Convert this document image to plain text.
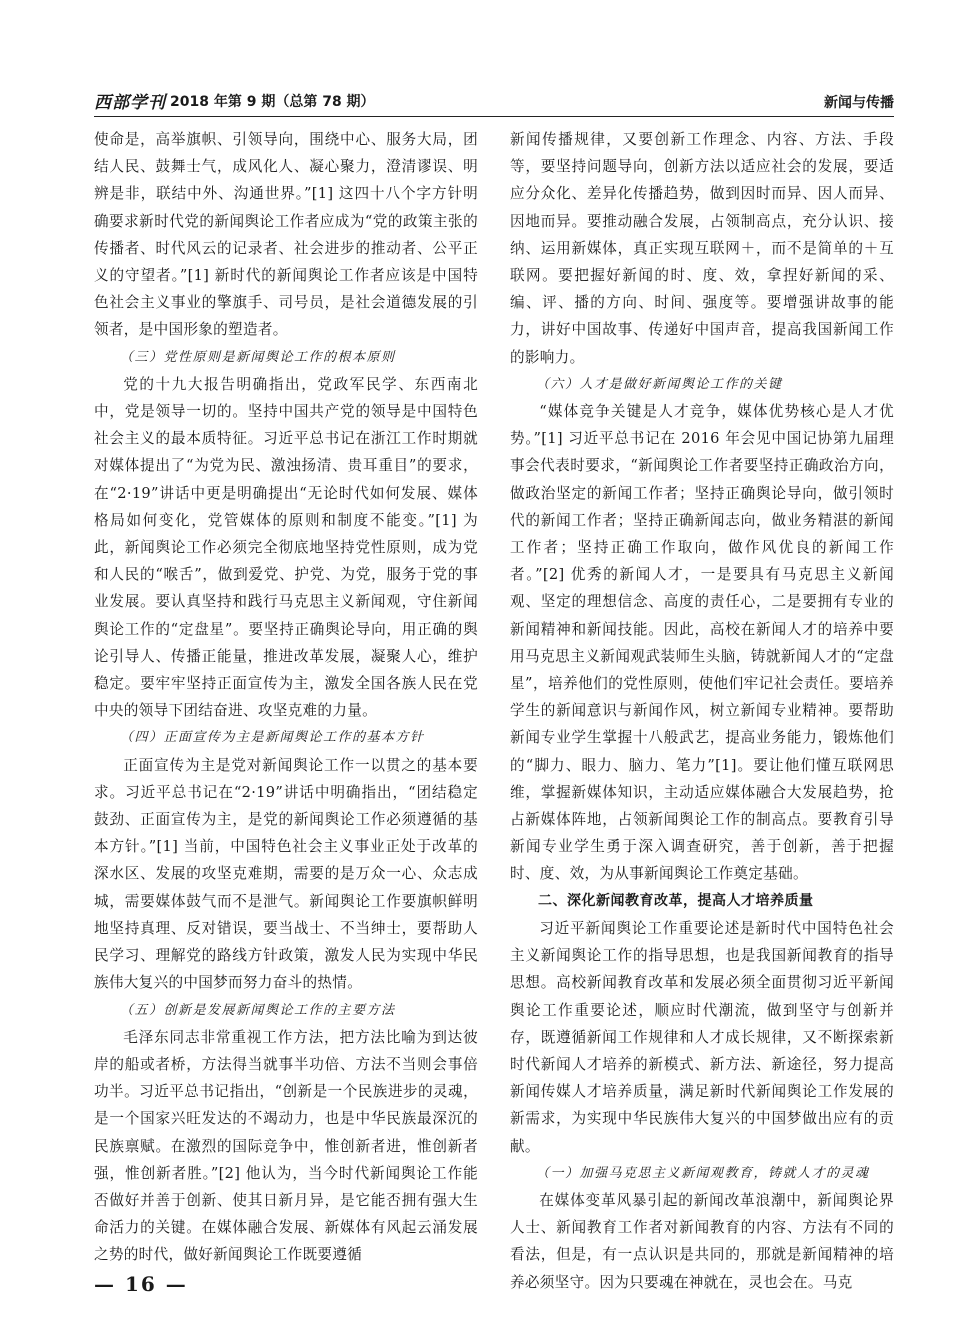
西部学刊 2018 年第 9 期（总第 78 期）	新闻与传播

使命是，高举旗帜、引领导向，围绕中心、服务大局，团结人民、鼓舞士气，成风化人、凝心聚力，澄清谬误、明辨是非，联结中外、沟通世界。”[1] 这四十八个字方针明确要求新时代党的新闻舆论工作者应成为“党的政策主张的传播者、时代风云的记录者、社会进步的推动者、公平正义的守望者。”[1] 新时代的新闻舆论工作者应该是中国特色社会主义事业的擎旗手、司号员，是社会道德发展的引领者，是中国形象的塑造者。

（三）党性原则是新闻舆论工作的根本原则

党的十九大报告明确指出，党政军民学、东西南北中，党是领导一切的。坚持中国共产党的领导是中国特色社会主义的最本质特征。习近平总书记在浙江工作时期就对媒体提出了“为党为民、激浊扬清、贵耳重目”的要求，在“2·19”讲话中更是明确提出“无论时代如何发展、媒体格局如何变化，党管媒体的原则和制度不能变。”[1] 为此，新闻舆论工作必须完全彻底地坚持党性原则，成为党和人民的“喉舌”，做到爱党、护党、为党，服务于党的事业发展。要认真坚持和践行马克思主义新闻观，守住新闻舆论工作的“定盘星”。要坚持正确舆论导向，用正确的舆论引导人、传播正能量，推进改革发展，凝聚人心，维护稳定。要牢牢坚持正面宣传为主，激发全国各族人民在党中央的领导下团结奋进、攻坚克难的力量。

（四）正面宣传为主是新闻舆论工作的基本方针

正面宣传为主是党对新闻舆论工作一以贯之的基本要求。习近平总书记在“2·19”讲话中明确指出，“团结稳定鼓劲、正面宣传为主，是党的新闻舆论工作必须遵循的基本方针。”[1] 当前，中国特色社会主义事业正处于改革的深水区、发展的攻坚克难期，需要的是万众一心、众志成城，需要媒体鼓气而不是泄气。新闻舆论工作要旗帜鲜明地坚持真理、反对错误，要当战士、不当绅士，要帮助人民学习、理解党的路线方针政策，激发人民为实现中华民族伟大复兴的中国梦而努力奋斗的热情。

（五）创新是发展新闻舆论工作的主要方法

毛泽东同志非常重视工作方法，把方法比喻为到达彼岸的船或者桥，方法得当就事半功倍、方法不当则会事倍功半。习近平总书记指出，“创新是一个民族进步的灵魂，是一个国家兴旺发达的不竭动力，也是中华民族最深沉的民族禀赋。在激烈的国际竞争中，惟创新者进，惟创新者强，惟创新者胜。”[2] 他认为，当今时代新闻舆论工作能否做好并善于创新、使其日新月异，是它能否拥有强大生命活力的关键。在媒体融合发展、新媒体有风起云涌发展之势的时代，做好新闻舆论工作既要遵循

新闻传播规律，又要创新工作理念、内容、方法、手段等，要坚持问题导向，创新方法以适应社会的发展，要适应分众化、差异化传播趋势，做到因时而异、因人而异、因地而异。要推动融合发展，占领制高点，充分认识、接纳、运用新媒体，真正实现互联网＋，而不是简单的＋互联网。要把握好新闻的时、度、效，拿捏好新闻的采、编、评、播的方向、时间、强度等。要增强讲故事的能力，讲好中国故事、传递好中国声音，提高我国新闻工作的影响力。

（六）人才是做好新闻舆论工作的关键

“媒体竞争关键是人才竞争，媒体优势核心是人才优势。”[1] 习近平总书记在 2016 年会见中国记协第九届理事会代表时要求，“新闻舆论工作者要坚持正确政治方向，做政治坚定的新闻工作者；坚持正确舆论导向，做引领时代的新闻工作者；坚持正确新闻志向，做业务精湛的新闻工作者；坚持正确工作取向，做作风优良的新闻工作者。”[2] 优秀的新闻人才，一是要具有马克思主义新闻观、坚定的理想信念、高度的责任心，二是要拥有专业的新闻精神和新闻技能。因此，高校在新闻人才的培养中要用马克思主义新闻观武装师生头脑，铸就新闻人才的“定盘星”，培养他们的党性原则，使他们牢记社会责任。要培养学生的新闻意识与新闻作风，树立新闻专业精神。要帮助新闻专业学生掌握十八般武艺，提高业务能力，锻炼他们的“脚力、眼力、脑力、笔力”[1]。要让他们懂互联网思维，掌握新媒体知识，主动适应媒体融合大发展趋势，抢占新媒体阵地，占领新闻舆论工作的制高点。要教育引导新闻专业学生勇于深入调查研究，善于创新，善于把握时、度、效，为从事新闻舆论工作奠定基础。

二、深化新闻教育改革，提高人才培养质量

习近平新闻舆论工作重要论述是新时代中国特色社会主义新闻舆论工作的指导思想，也是我国新闻教育的指导思想。高校新闻教育改革和发展必须全面贯彻习近平新闻舆论工作重要论述，顺应时代潮流，做到坚守与创新并存，既遵循新闻工作规律和人才成长规律，又不断探索新时代新闻人才培养的新模式、新方法、新途径，努力提高新闻传媒人才培养质量，满足新时代新闻舆论工作发展的新需求，为实现中华民族伟大复兴的中国梦做出应有的贡献。

（一）加强马克思主义新闻观教育，铸就人才的灵魂

在媒体变革风暴引起的新闻改革浪潮中，新闻舆论界人士、新闻教育工作者对新闻教育的内容、方法有不同的看法，但是，有一点认识是共同的，那就是新闻精神的培养必须坚守。因为只要魂在神就在，灵也会在。马克

— 16 —
